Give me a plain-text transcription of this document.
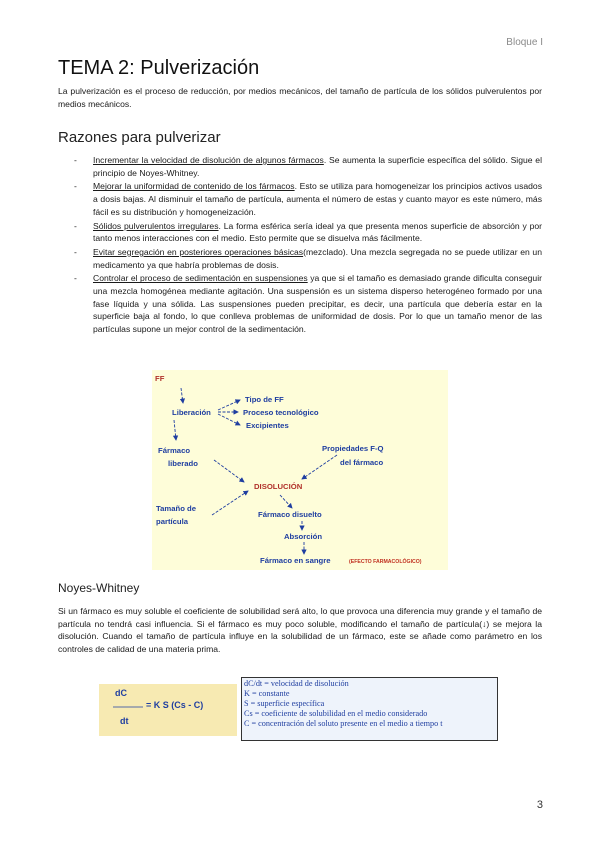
Bloque I
TEMA 2: Pulverización
La pulverización es el proceso de reducción, por medios mecánicos, del tamaño de partícula de los sólidos pulverulentos por medios mecánicos.
Razones para pulverizar
- Incrementar la velocidad de disolución de algunos fármacos. Se aumenta la superficie específica del sólido. Sigue el principio de Noyes-Whitney.
- Mejorar la uniformidad de contenido de los fármacos. Esto se utiliza para homogeneizar los principios activos usados a dosis bajas. Al disminuir el tamaño de partícula, aumenta el número de estas y cuanto mayor es este número, más fácil es su distribución y homogeneización.
- Sólidos pulverulentos irregulares. La forma esférica sería ideal ya que presenta menos superficie de absorción y por tanto menos interacciones con el medio. Esto permite que se disuelva más fácilmente.
- Evitar segregación en posteriores operaciones básicas(mezclado). Una mezcla segregada no se puede utilizar en un medicamento ya que habría problemas de dosis.
- Controlar el proceso de sedimentación en suspensiones ya que si el tamaño es demasiado grande dificulta conseguir una mezcla homogénea mediante agitación. Una suspensión es un sistema disperso heterogéneo formado por una fase líquida y una sólida. Las suspensiones pueden precipitar, es decir, una partícula que debería estar en la superficie baja al fondo, lo que conlleva problemas de uniformidad de dosis. Por lo que un tamaño menor de las partículas supone un mejor control de la sedimentación.
FF
Liberación
Tipo de FF
Proceso tecnológico
Excipientes
Fármaco
liberado
Propiedades F-Q
del fármaco
DISOLUCIÓN
Tamaño de
partícula
Fármaco disuelto
Absorción
Fármaco en sangre	(EFECTO FARMACOLÓGICO)
Noyes-Whitney
Si un fármaco es muy soluble el coeficiente de solubilidad será alto, lo que provoca una diferencia muy grande y el tamaño de partícula no tendrá casi influencia. Si el fármaco es muy poco soluble, modificando el tamaño de partícula(↓) se mejora la disolución. Cuando el tamaño de partícula influye en la solubilidad de un fármaco, este se añade como parámetro en los controles de calidad de una materia prima.
dC
= K S (Cs - C)
dt
dC/dt = velocidad de disolución
K = constante
S = superficie específica
Cs = coeficiente de solubilidad en el medio considerado
C = concentración del soluto presente en el medio a tiempo t
3
